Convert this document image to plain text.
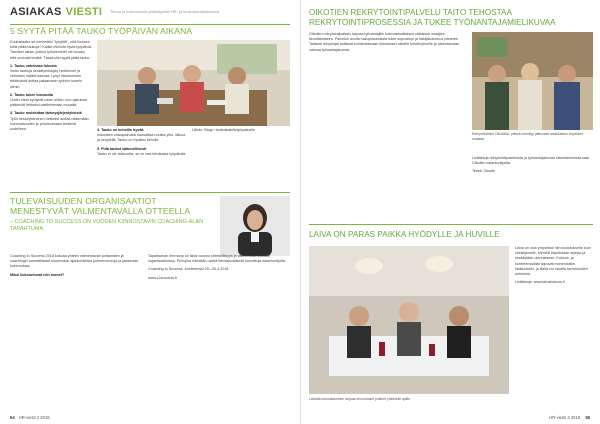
ASIAKAS VIESTI Tietoa ja kokemuksia yhteistyöstä HR- ja koulutusratkaisuissa
5 SYYTÄ PITÄÄ TAUKO TYÖPÄIVÄN AIKANA

Kuulostaako se mielestäsi "tyhjältä", että ihmisen tulisi pitää taukoja? Kaikki mielivät hyviä työpäiviä. Tarvitset aikaa, joskus työskentelet niin kovaa, että unohdat levätä. Tässä viisi syytä pitää tauko.

1. Tauko vahvistaa fokusta
Ilman taukoja keskittymiskyky heikkenee ja virheiden määrä kasvaa. Lyhyt irtautuminen tehtävästä auttaa palaamaan työhön tuorein silmin.

2. Tauko tukee luovuutta
Uudet ideat syntyvät usein silloin, kun ajatukset pääsevät hetkeksi vaeltelemaan muualle.

3. Tauko muistuttaa tärkeysjärjestyksistä
Työn keskeyttäminen hetkeksi auttaa näkemään kokonaisuuden ja priorisoimaan tehtäviä uudelleen.	4. Tauko on kehollis hyvää
Istumisen vastapainoksi kannattaa nousta ylös, liikkua ja venytellä. Tauko on hyväksi keholle.

5. Pidä taukot säännöllisesti
Tauko ei ole laiskuutta, se on osa tehokasta työpäivää.

Lähde: Blogi / taukotkaikilletyöpaikoille

TULEVAISUUDEN ORGANISAATIOT MENESTYVÄT VALMENTAVALLA OTTEELLA
– COACHING TO SUCCESS ON VUODEN KIINNOSTAVIN COACHING-ALAN TAPAHTUMA

Coaching to Success 2018 kokoaa yhteen valmentavan johtamisen ja coachingin ammattilaiset kuulemaan ajankohtaisia puheenvuoroja ja jakamaan kokemuksia.

Miksi kokoontuvat niin monet?

Tapahtuman teemana on tänä vuonna yhteisöllisyys ja valmentava kulttuuri organisaatioissa. Puhujina nähdään useita kansainvälisesti tunnettuja asiantuntijoita.

Coaching to Success -konferenssi 25.–26.4.2018

www.c2success.fi

54 HR-viesti 2 2018
OIKOTIEN REKRYTOINTIPALVELU TAITO TEHOSTAA REKRYTOINTIPROSESSIA JA TUKEE TYÖNANTAJAMIELIKUVAA

Oikotien rekrytointipalvelu tarjoaa työnantajille kokonaisvaltaisen ratkaisun osaajien tavoittamiseen. Palvelun avulla hakuprosessista tulee sujuvampi ja hakijakokemus paranee. Taitavat rekrytoijat auttavat kohdentamaan ilmoitukset oikeille kohderyhmille ja rakentamaan vahvaa työnantajakuvaa.

Rekrytointitiimi Oikotiellä: palvelu kehittyy jatkuvasti asiakkaiden tarpeiden mukaan.

Lisätietoja rekrytointipalveluista ja työnantajakuvan rakentamisesta saat Oikotien asiantuntijoilta.

Teksti: Oikotie

LAIVA ON PARAS PAIKKA HYÖDYLLE JA HUVILLE
Laivalla kokoustaminen tarjoaa erinomaiset puitteet yhteiselle ajalle.

Laiva on oiva ympäristö niin koulutukselle kuin virkistykselle. Merellä irtaudutaan arjesta ja keskitytään olennaiseen. Kokous- ja konferenssitilat taipuvat monenlaisiin tilaisuuksiin, ja illalla voi nauttia ravintoloiden antimista.

Lisätietoja: www.laivakokous.fi

HR-viesti 2 2018 55
